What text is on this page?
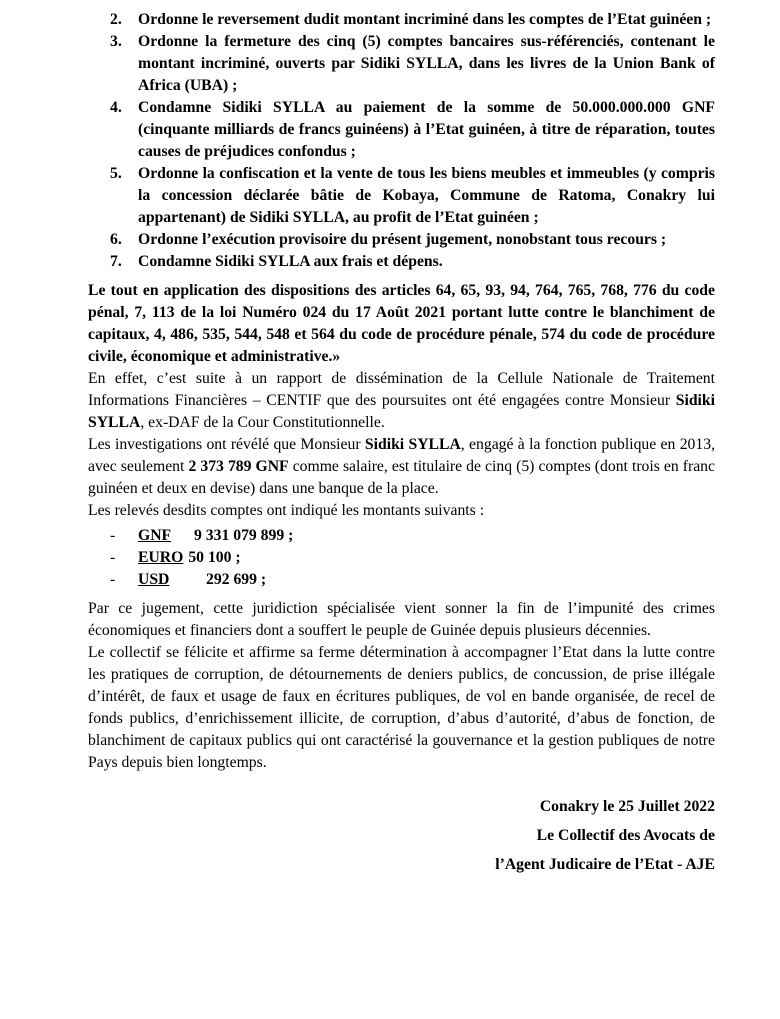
2.	Ordonne le reversement dudit montant incriminé dans les comptes de l’Etat guinéen ;
3.	Ordonne la fermeture des cinq (5) comptes bancaires sus-référenciés, contenant le montant incriminé, ouverts par Sidiki SYLLA, dans les livres de la Union Bank of Africa (UBA) ;
4.	Condamne Sidiki SYLLA au paiement de la somme de 50.000.000.000 GNF (cinquante milliards de francs guinéens) à l’Etat guinéen, à titre de réparation, toutes causes de préjudices confondus ;
5.	Ordonne la confiscation et la vente de tous les biens meubles et immeubles (y compris la concession déclarée bâtie de Kobaya, Commune de Ratoma, Conakry lui appartenant) de Sidiki SYLLA, au profit de l’Etat guinéen ;
6.	Ordonne l’exécution provisoire du présent jugement, nonobstant tous recours ;
7.	Condamne Sidiki SYLLA aux frais et dépens.

Le tout en application des dispositions des articles 64, 65, 93, 94, 764, 765, 768, 776 du code pénal, 7, 113 de la loi Numéro 024 du 17 Août 2021 portant lutte contre le blanchiment de capitaux, 4, 486, 535, 544, 548 et 564 du code de procédure pénale, 574 du code de procédure civile, économique et administrative.»

En effet, c’est suite à un rapport de dissémination de la Cellule Nationale de Traitement Informations Financières – CENTIF que des poursuites ont été engagées contre Monsieur Sidiki SYLLA, ex-DAF de la Cour Constitutionnelle.

Les investigations ont révélé que Monsieur Sidiki SYLLA, engagé à la fonction publique en 2013, avec seulement 2 373 789 GNF comme salaire, est titulaire de cinq (5) comptes (dont trois en franc guinéen et deux en devise) dans une banque de la place.

Les relevés desdits comptes ont indiqué les montants suivants :

-	GNF	9 331 079 899 ;
-	EURO 50 100 ;
-	USD	292 699 ;

Par ce jugement, cette juridiction spécialisée vient sonner la fin de l’impunité des crimes économiques et financiers dont a souffert le peuple de Guinée depuis plusieurs décennies.

Le collectif se félicite et affirme sa ferme détermination à accompagner l’Etat dans la lutte contre les pratiques de corruption, de détournements de deniers publics, de concussion, de prise illégale d’intérêt, de faux et usage de faux en écritures publiques, de vol en bande organisée, de recel de fonds publics, d’enrichissement illicite, de corruption, d’abus d’autorité, d’abus de fonction, de blanchiment de capitaux publics qui ont caractérisé la gouvernance et la gestion publiques de notre Pays depuis bien longtemps.

Conakry le 25 Juillet 2022
Le Collectif des Avocats de
l’Agent Judicaire de l’Etat - AJE
